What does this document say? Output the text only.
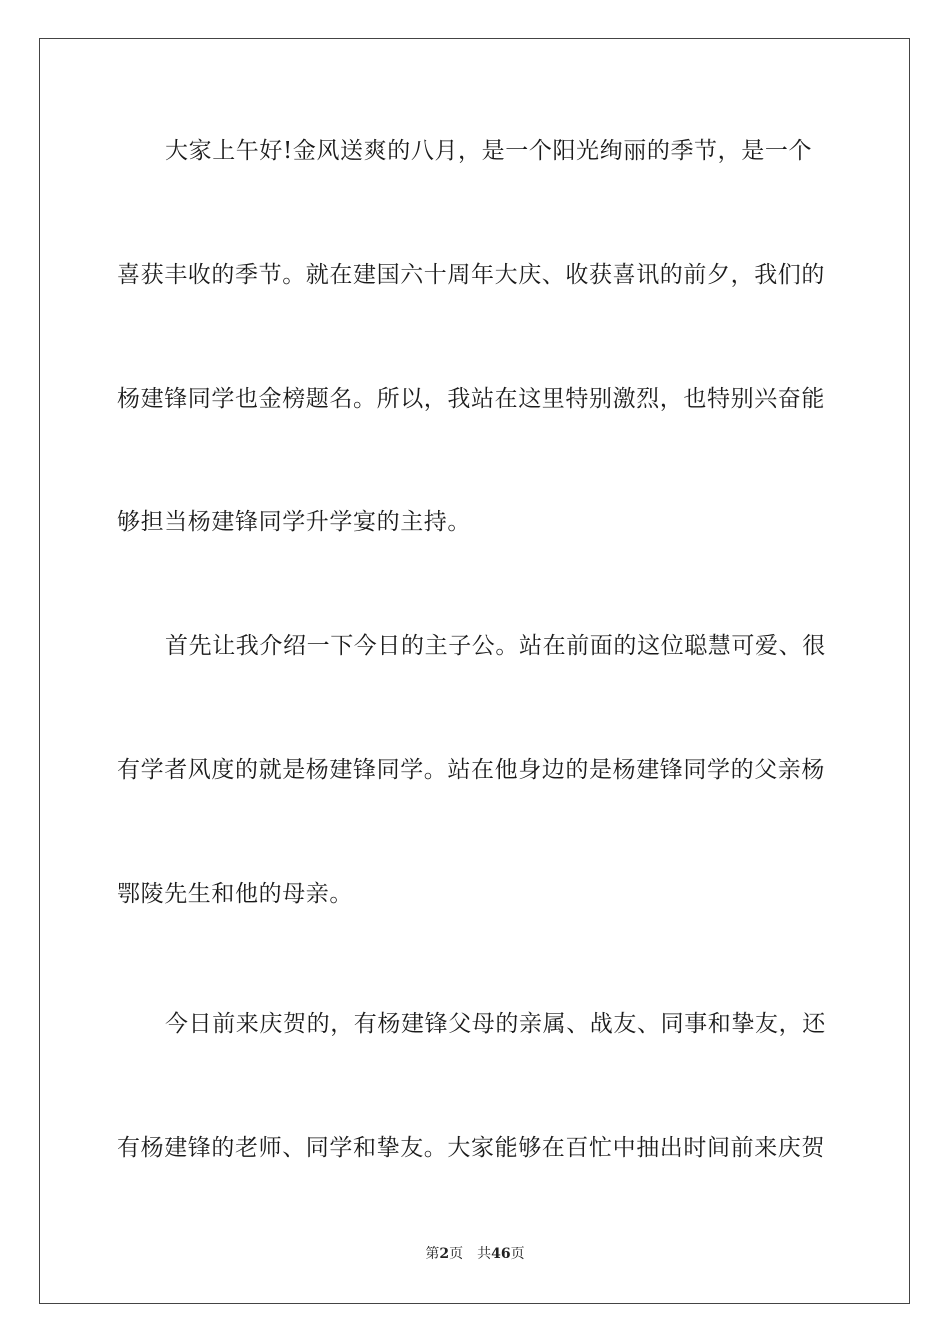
大家上午好!金风送爽的八月，是一个阳光绚丽的季节，是一个
喜获丰收的季节。就在建国六十周年大庆、收获喜讯的前夕，我们的
杨建锋同学也金榜题名。所以，我站在这里特别激烈，也特别兴奋能
够担当杨建锋同学升学宴的主持。
首先让我介绍一下今日的主子公。站在前面的这位聪慧可爱、很
有学者风度的就是杨建锋同学。站在他身边的是杨建锋同学的父亲杨
鄂陵先生和他的母亲。
今日前来庆贺的，有杨建锋父母的亲属、战友、同事和挚友，还
有杨建锋的老师、同学和挚友。大家能够在百忙中抽出时间前来庆贺
第2页 共46页
